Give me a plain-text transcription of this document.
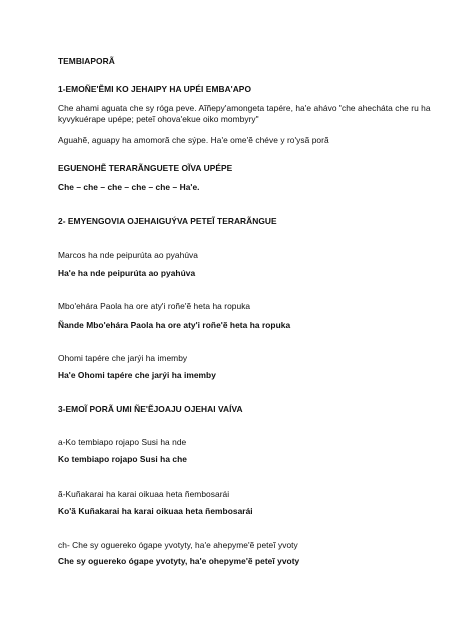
TEMBIAPORÃ
1-EMOÑE'ẼMI KO JEHAIPY HA UPÉI EMBA'APO
Che ahami aguata che sy róga peve. Aĩñepy'amongeta tapére, ha'e ahávo "che ahecháta che ru ha
kyvykuérape upépe; peteĩ ohova'ekue oiko mombyry"
Aguahẽ, aguapy ha amomorã che sýpe. Ha'e ome'ẽ chéve y ro'ysã porã
EGUENOHẼ TERARÃNGUETE OĨVA UPÉPE
Che – che – che – che – che – Ha'e.
2- EMYENGOVIA OJEHAIGUÝVA PETEĨ TERARÃNGUE
Marcos ha nde peipurúta ao pyahúva
Ha'e ha nde peipurúta ao pyahúva
Mbo'ehára Paola ha ore aty'i roñe'ẽ heta ha ropuka
Ñande Mbo'ehára Paola ha ore aty'i roñe'ẽ heta ha ropuka
Ohomi tapére che jarýi ha imemby
Ha'e Ohomi tapére che jarýi ha imemby
3-EMOĨ PORÃ UMI ÑE'ẼJOAJU OJEHAI VAÍVA
a-Ko tembiapo rojapo Susi ha nde
Ko tembiapo rojapo Susi ha che
ã-Kuñakarai ha karai oikuaa heta ñembosarái
Ko'ã Kuñakarai ha karai oikuaa heta ñembosarái
ch- Che sy oguereko ógape yvotyty, ha'e ahepyme'ẽ peteĩ yvoty
Che sy oguereko ógape yvotyty, ha'e ohepyme'ẽ peteĩ yvoty
